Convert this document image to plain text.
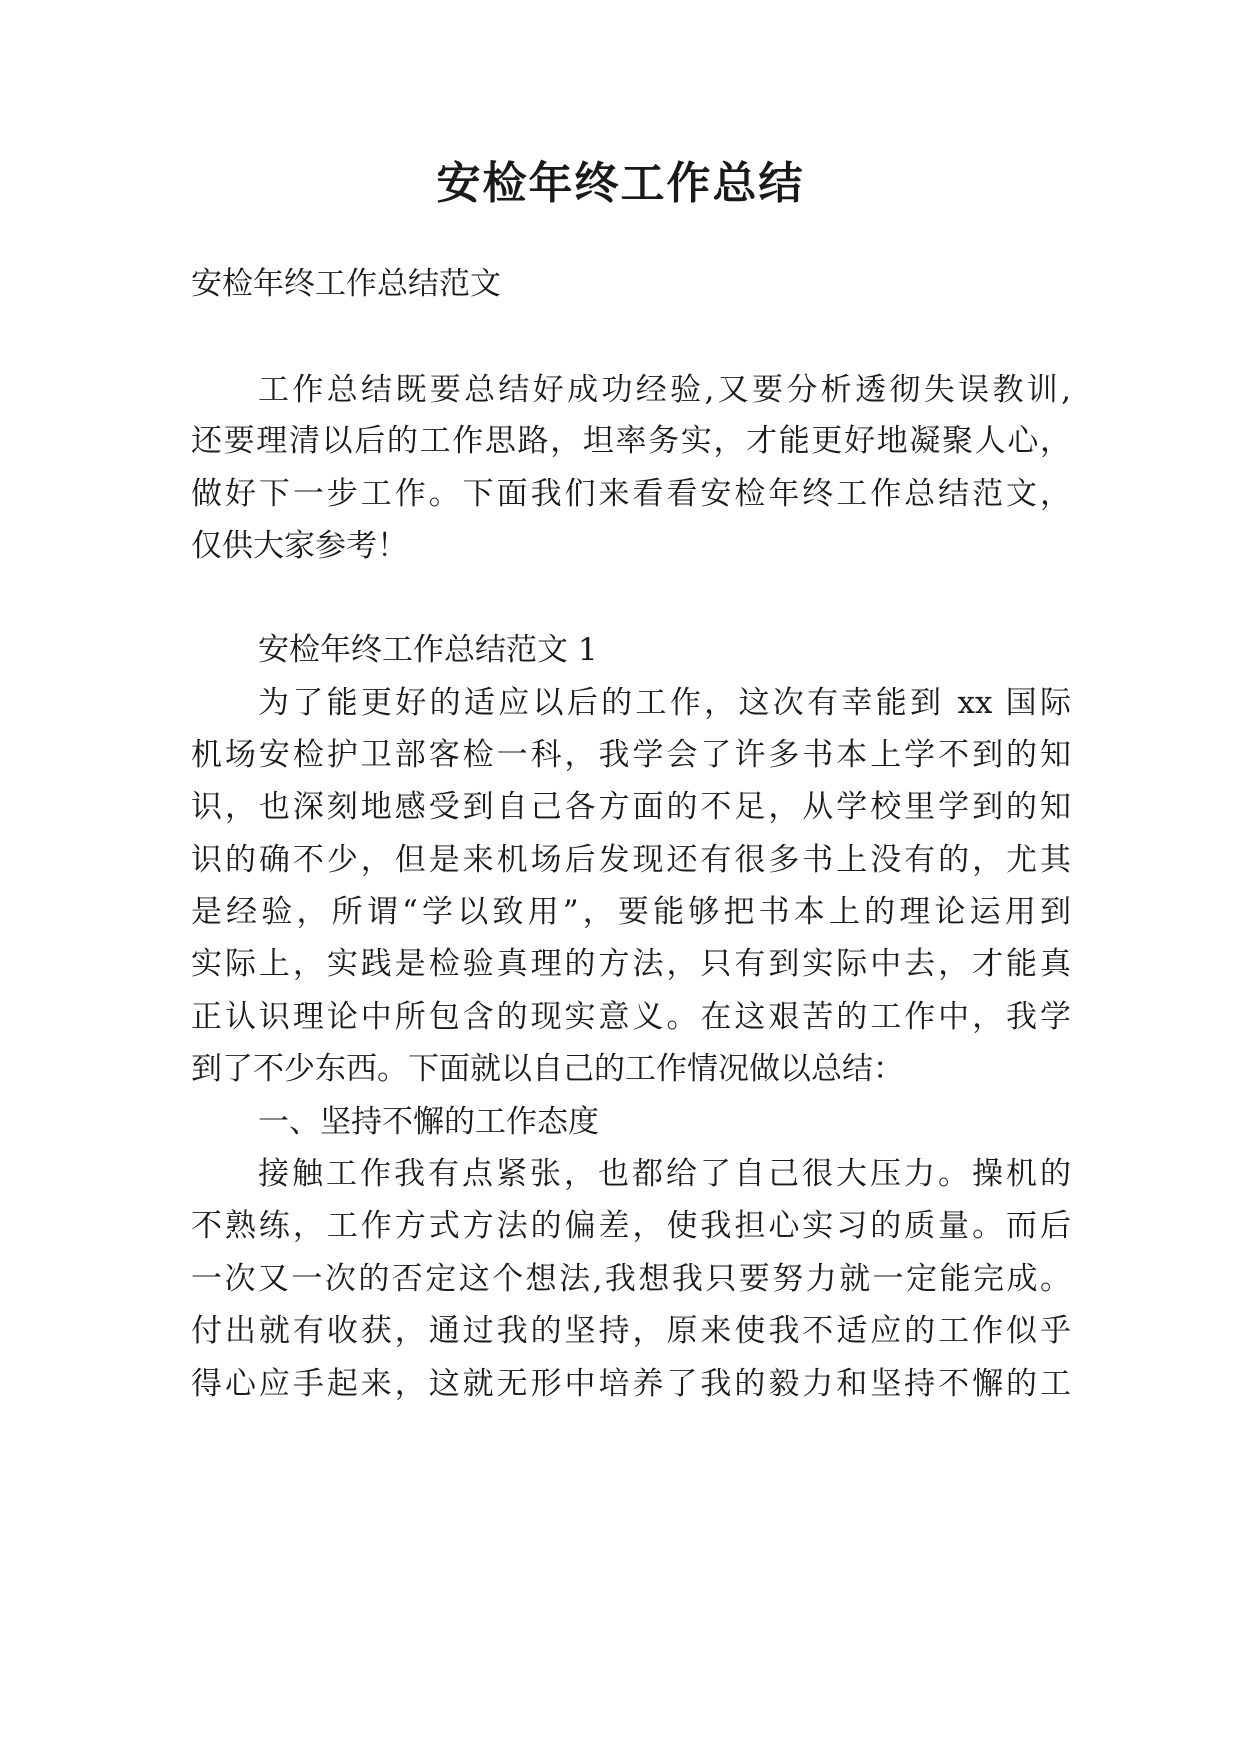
安检年终工作总结

安检年终工作总结范文

工作总结既要总结好成功经验,又要分析透彻失误教训,

还要理清以后的工作思路，坦率务实，才能更好地凝聚人心，

做好下一步工作。下面我们来看看安检年终工作总结范文，

仅供大家参考！

安检年终工作总结范文 1

为了能更好的适应以后的工作，这次有幸能到 xx 国际

机场安检护卫部客检一科，我学会了许多书本上学不到的知

识，也深刻地感受到自己各方面的不足，从学校里学到的知

识的确不少，但是来机场后发现还有很多书上没有的，尤其

是经验，所谓“学以致用”，要能够把书本上的理论运用到

实际上，实践是检验真理的方法，只有到实际中去，才能真

正认识理论中所包含的现实意义。在这艰苦的工作中，我学

到了不少东西。下面就以自己的工作情况做以总结：

一、坚持不懈的工作态度

接触工作我有点紧张，也都给了自己很大压力。操机的

不熟练，工作方式方法的偏差，使我担心实习的质量。而后

一次又一次的否定这个想法,我想我只要努力就一定能完成。

付出就有收获，通过我的坚持，原来使我不适应的工作似乎

得心应手起来，这就无形中培养了我的毅力和坚持不懈的工
